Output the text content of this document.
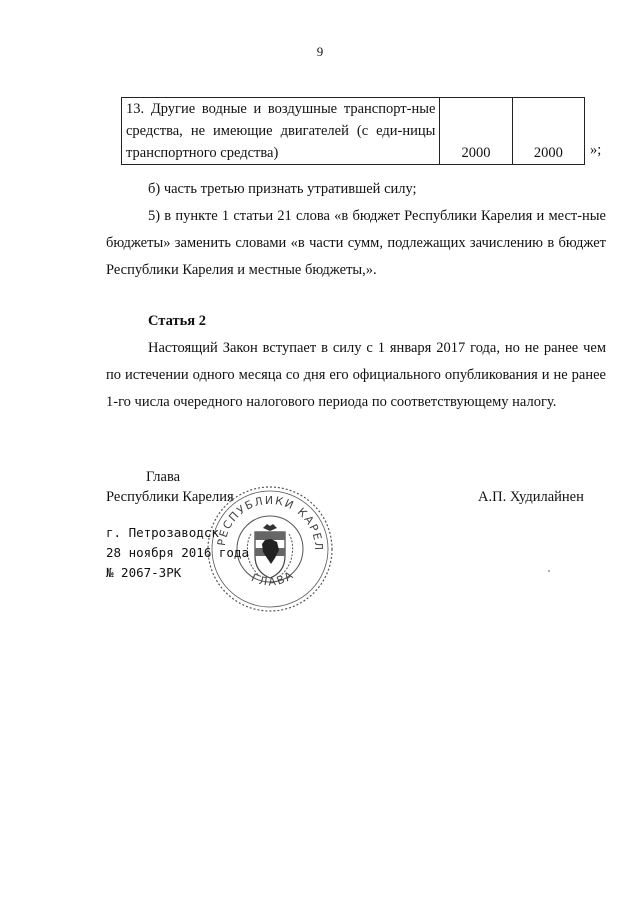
9
13. Другие водные и воздушные транспорт-ные средства, не имеющие двигателей (с еди-ницы транспортного средства)	2000	2000 »;
б) часть третью признать утратившей силу;
5) в пункте 1 статьи 21 слова «в бюджет Республики Карелия и мест-ные бюджеты» заменить словами «в части сумм, подлежащих зачислению в бюджет Республики Карелия и местные бюджеты,».
Статья 2
Настоящий Закон вступает в силу с 1 января 2017 года, но не ранее чем по истечении одного месяца со дня его официального опубликования и не ранее 1-го числа очередного налогового периода по соответствующему налогу.
РЕСПУБЛИКИ КАРЕЛ
ГЛАВА
Глава
Республики Карелия	А.П. Худилайнен
г. Петрозаводск
28 ноября 2016 года
№ 2067-ЗРК
